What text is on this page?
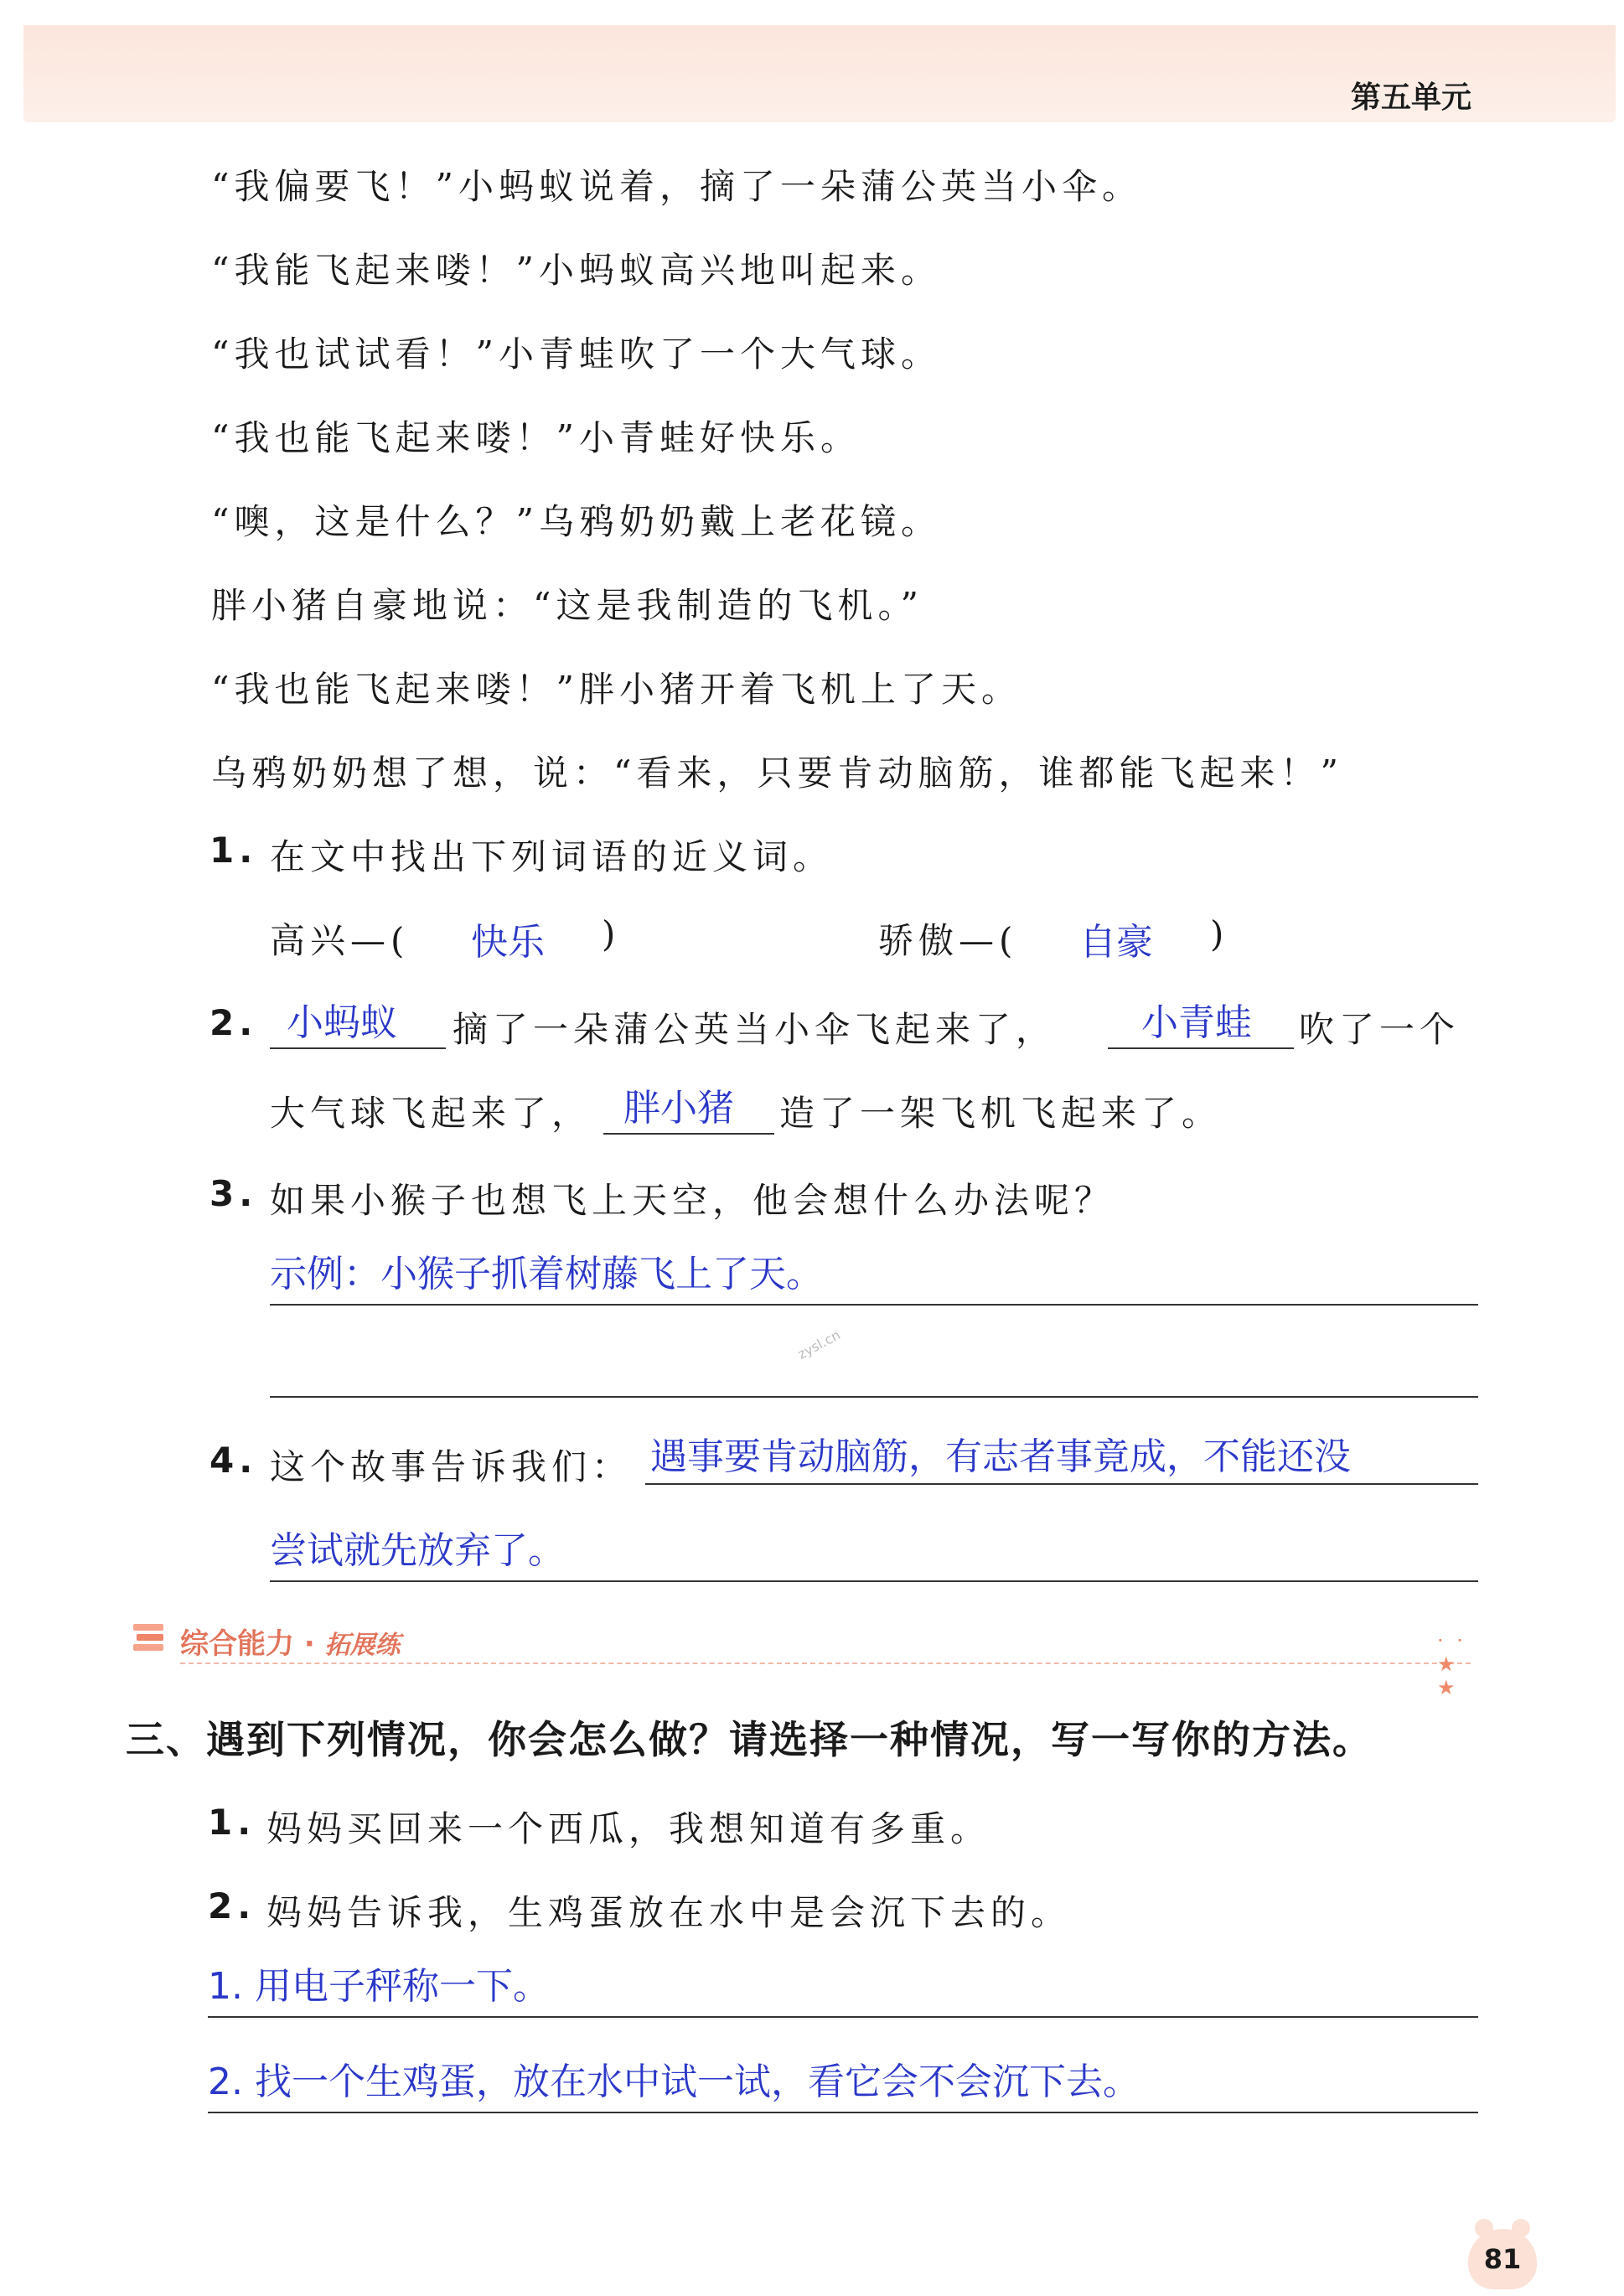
第五单元
“我偏要飞！”小蚂蚁说着，摘了一朵蒲公英当小伞。
“我能飞起来喽！”小蚂蚁高兴地叫起来。
“我也试试看！”小青蛙吹了一个大气球。
“我也能飞起来喽！”小青蛙好快乐。
“噢，这是什么？”乌鸦奶奶戴上老花镜。
胖小猪自豪地说：“这是我制造的飞机。”
“我也能飞起来喽！”胖小猪开着飞机上了天。
乌鸦奶奶想了想，说：“看来，只要肯动脑筋，谁都能飞起来！”
1. 在文中找出下列词语的近义词。
高兴—( 快乐 )	骄傲—( 自豪 )
2. 小蚂蚁 摘了一朵蒲公英当小伞飞起来了， 小青蛙 吹了一个
大气球飞起来了， 胖小猪 造了一架飞机飞起来了。
3. 如果小猴子也想飞上天空，他会想什么办法呢？
示例：小猴子抓着树藤飞上了天。
zysl.cn
4. 这个故事告诉我们： 遇事要肯动脑筋，有志者事竟成，不能还没
尝试就先放弃了。
综合能力 · 拓展练	· · ★ ★
三、遇到下列情况，你会怎么做？请选择一种情况，写一写你的方法。
1. 妈妈买回来一个西瓜，我想知道有多重。
2. 妈妈告诉我，生鸡蛋放在水中是会沉下去的。
1. 用电子秤称一下。
2. 找一个生鸡蛋，放在水中试一试，看它会不会沉下去。
81
